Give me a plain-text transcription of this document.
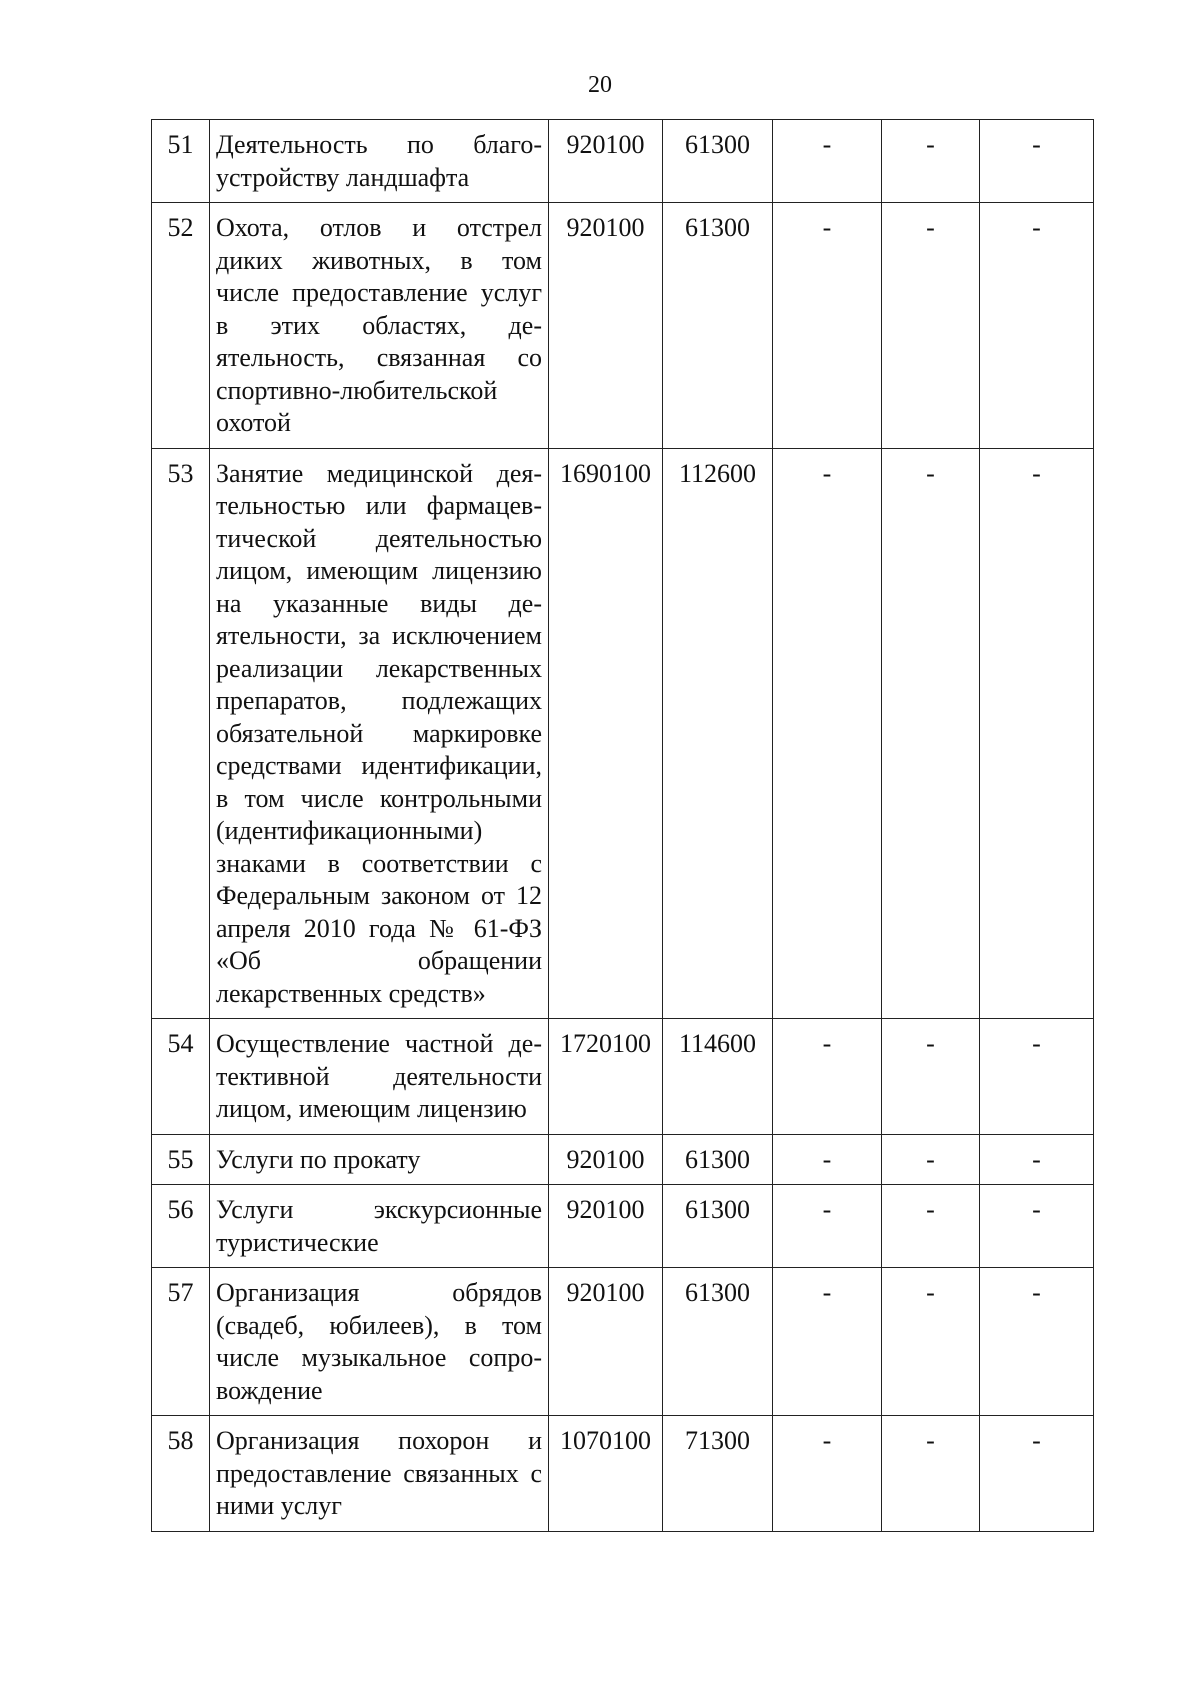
20
51	Деятельность по благоустройству ландшафта	920100	61300	-	-	-
52	Охота, отлов и отстрел диких животных, в том числе предоставление услуг в этих областях, деятельность, связанная со спортивно-любительской охотой	920100	61300	-	-	-
53	Занятие медицинской деятельностью или фармацевтической деятельностью лицом, имеющим лицензию на указанные виды деятельности, за исключением реализации лекарственных препаратов, подлежащих обязательной маркировке средствами идентификации, в том числе контрольными (идентификационными) знаками в соответствии с Федеральным законом от 12 апреля 2010 года № 61-ФЗ «Об обращении лекарственных средств»	1690100	112600	-	-	-
54	Осуществление частной детективной деятельности лицом, имеющим лицензию	1720100	114600	-	-	-
55	Услуги по прокату	920100	61300	-	-	-
56	Услуги экскурсионные туристические	920100	61300	-	-	-
57	Организация обрядов (свадеб, юбилеев), в том числе музыкальное сопровождение	920100	61300	-	-	-
58	Организация похорон и предоставление связанных с ними услуг	1070100	71300	-	-	-
